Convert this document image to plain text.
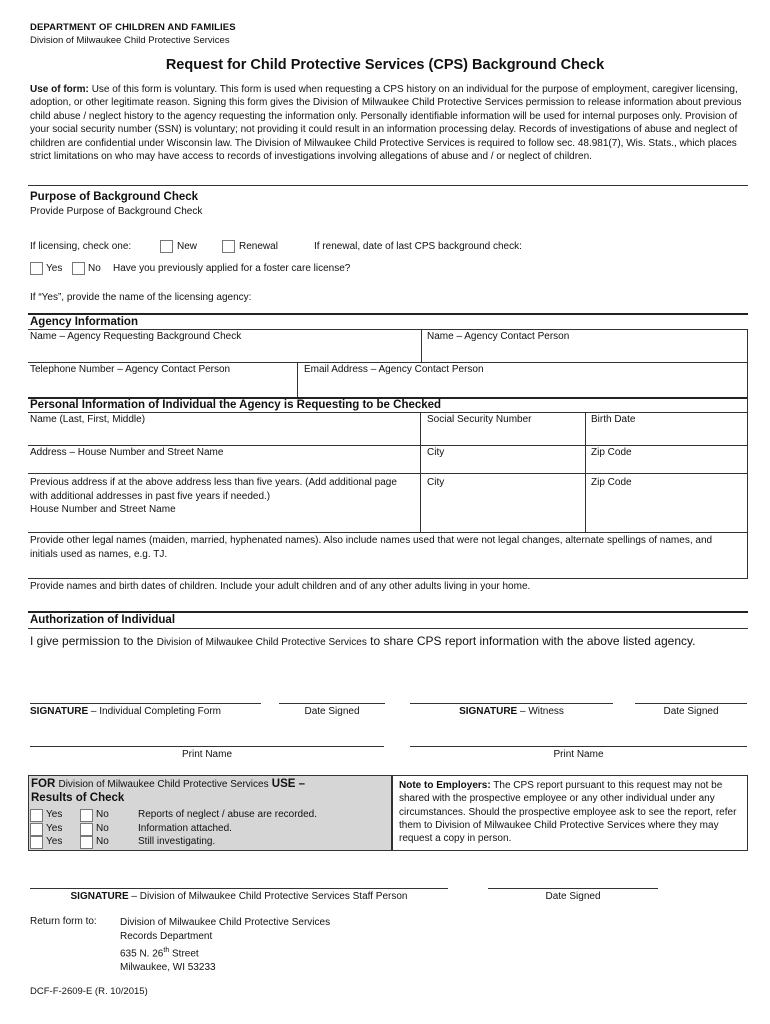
DEPARTMENT OF CHILDREN AND FAMILIES
Division of Milwaukee Child Protective Services
Request for Child Protective Services (CPS) Background Check
Use of form: Use of this form is voluntary. This form is used when requesting a CPS history on an individual for the purpose of employment, caregiver licensing, adoption, or other legitimate reason. Signing this form gives the Division of Milwaukee Child Protective Services permission to release information about previous child abuse / neglect history to the agency requesting the information only. Personally identifiable information will be used for internal purposes only. Provision of your social security number (SSN) is voluntary; not providing it could result in an information processing delay. Records of investigations of abuse and neglect of children are confidential under Wisconsin law. The Division of Milwaukee Child Protective Services is required to follow sec. 48.981(7), Wis. Stats., which places strict limitations on who may have access to records of investigations involving allegations of abuse and / or neglect of children.
Purpose of Background Check
Provide Purpose of Background Check
If licensing, check one:	New	Renewal	If renewal, date of last CPS background check:
Yes	No Have you previously applied for a foster care license?
If “Yes”, provide the name of the licensing agency:
Agency Information
Name – Agency Requesting Background Check	Name – Agency Contact Person
Telephone Number – Agency Contact Person	Email Address – Agency Contact Person
Personal Information of Individual the Agency is Requesting to be Checked
Name (Last, First, Middle)	Social Security Number	Birth Date
Address – House Number and Street Name	City	Zip Code
Previous address if at the above address less than five years. (Add additional page with additional addresses in past five years if needed.)
House Number and Street Name
City	Zip Code
Provide other legal names (maiden, married, hyphenated names). Also include names used that were not legal changes, alternate spellings of names, and initials used as names, e.g. TJ.
Provide names and birth dates of children. Include your adult children and of any other adults living in your home.
Authorization of Individual
I give permission to the Division of Milwaukee Child Protective Services to share CPS report information with the above listed agency.
SIGNATURE – Individual Completing Form	Date Signed	SIGNATURE – Witness	Date Signed
Print Name	Print Name
FOR Division of Milwaukee Child Protective Services USE –
Results of Check
Yes	No	Reports of neglect / abuse are recorded.
Yes	No	Information attached.
Yes	No	Still investigating.
Note to Employers: The CPS report pursuant to this request may not be shared with the prospective employee or any other individual under any circumstances. Should the prospective employee ask to see the report, refer them to Division of Milwaukee Child Protective Services where they may request a copy in person.
SIGNATURE – Division of Milwaukee Child Protective Services Staff Person	Date Signed
Return form to: Division of Milwaukee Child Protective Services
Records Department
635 N. 26th Street
Milwaukee, WI 53233
DCF-F-2609-E (R. 10/2015)
